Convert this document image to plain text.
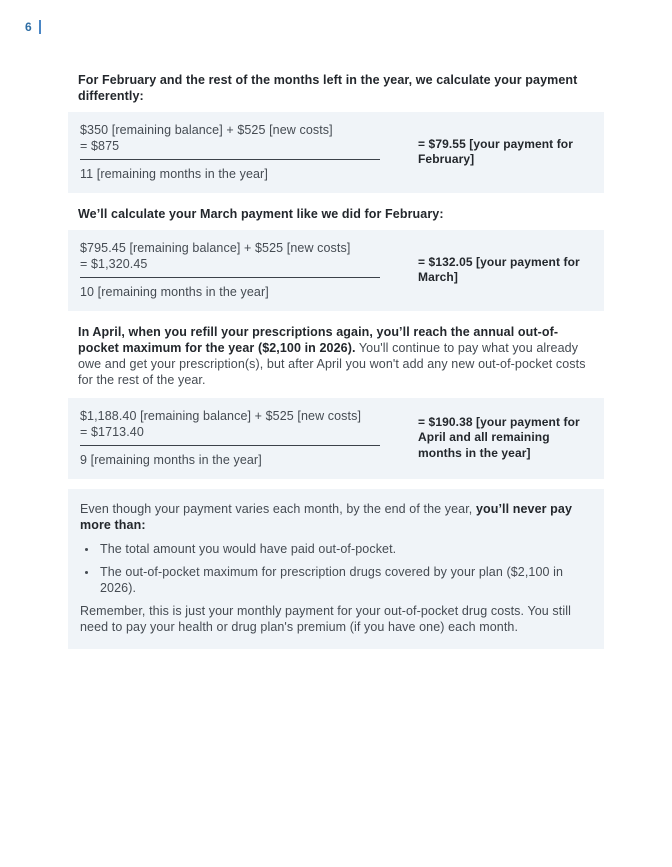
6
For February and the rest of the months left in the year, we calculate your payment differently:
$350 [remaining balance] + $525 [new costs]
= $875
11 [remaining months in the year]
= $79.55 [your payment for February]
We’ll calculate your March payment like we did for February:
$795.45 [remaining balance] + $525 [new costs]
= $1,320.45
10 [remaining months in the year]
= $132.05 [your payment for March]
In April, when you refill your prescriptions again, you’ll reach the annual out-of-pocket maximum for the year ($2,100 in 2026). You'll continue to pay what you already owe and get your prescription(s), but after April you won't add any new out-of-pocket costs for the rest of the year.
$1,188.40 [remaining balance] + $525 [new costs]
= $1713.40
9 [remaining months in the year]
= $190.38 [your payment for April and all remaining months in the year]
Even though your payment varies each month, by the end of the year, you’ll never pay more than:
• The total amount you would have paid out-of-pocket.
• The out-of-pocket maximum for prescription drugs covered by your plan ($2,100 in 2026).
Remember, this is just your monthly payment for your out-of-pocket drug costs. You still need to pay your health or drug plan's premium (if you have one) each month.
